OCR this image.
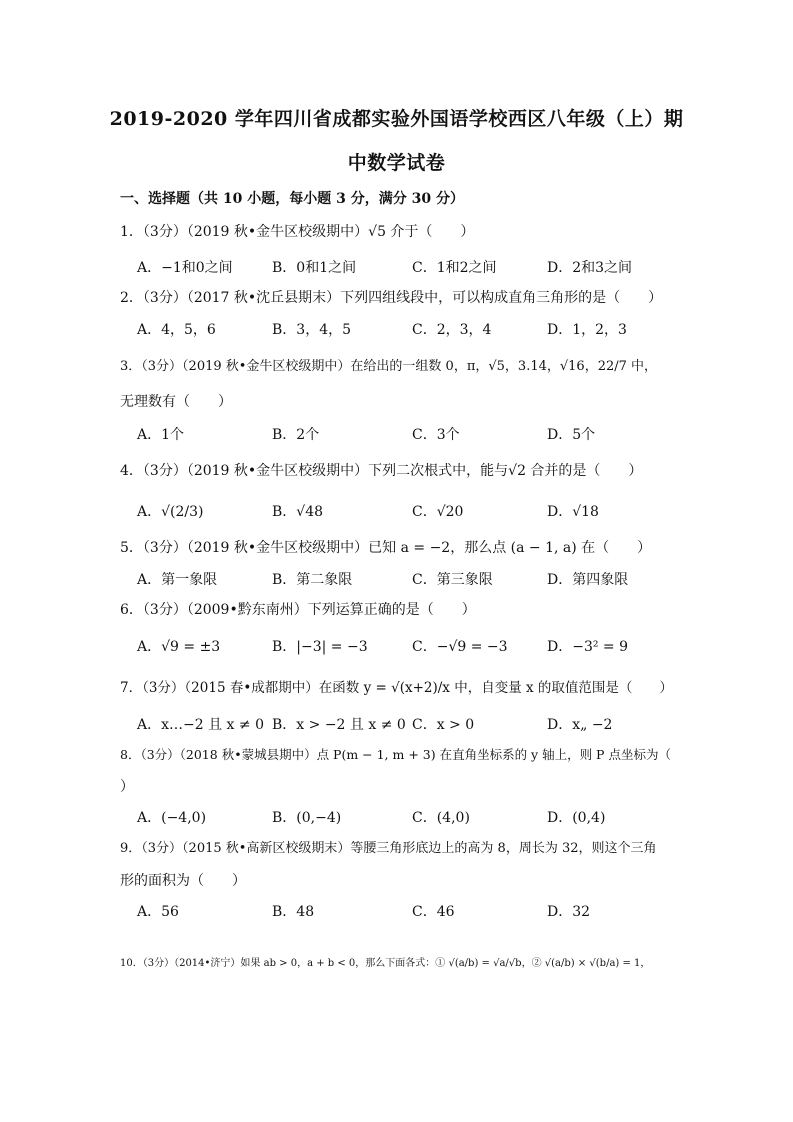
2019-2020 学年四川省成都实验外国语学校西区八年级（上）期
中数学试卷
一、选择题（共 10 小题，每小题 3 分，满分 30 分）
1．（3分）（2019 秋•金牛区校级期中）√5 介于（　　）
A．−1和0之间	B．0和1之间	C．1和2之间	D．2和3之间
2．（3分）（2017 秋•沈丘县期末）下列四组线段中，可以构成直角三角形的是（　　）
A．4，5，6	B．3，4，5	C．2，3，4	D．1，2，3
3．（3分）（2019 秋•金牛区校级期中）在给出的一组数 0，π，√5，3.14，√16，22/7 中，
无理数有（　　）
A．1个	B．2个	C．3个	D．5个
4．（3分）（2019 秋•金牛区校级期中）下列二次根式中，能与√2 合并的是（　　）
A．√(2/3)	B．√48	C．√20	D．√18
5．（3分）（2019 秋•金牛区校级期中）已知 a = −2，那么点 (a − 1, a) 在（　　）
A．第一象限	B．第二象限	C．第三象限	D．第四象限
6．（3分）（2009•黔东南州）下列运算正确的是（　　）
A．√9 = ±3	B．|−3| = −3	C．−√9 = −3	D．−3² = 9
7．（3分）（2015 春•成都期中）在函数 y = √(x+2)/x 中，自变量 x 的取值范围是（　　）
A．x…−2 且 x ≠ 0 B．x > −2 且 x ≠ 0 C．x > 0	D．x„ −2
8．（3分）（2018 秋•蒙城县期中）点 P(m − 1, m + 3) 在直角坐标系的 y 轴上，则 P 点坐标为（
）
A．(−4,0)	B．(0,−4)	C．(4,0)	D．(0,4)
9．（3分）（2015 秋•高新区校级期末）等腰三角形底边上的高为 8，周长为 32，则这个三角
形的面积为（　　）
A．56	B．48	C．46	D．32
10．（3分）（2014•济宁）如果 ab > 0，a + b < 0，那么下面各式：① √(a/b) = √a/√b，② √(a/b) × √(b/a) = 1，
